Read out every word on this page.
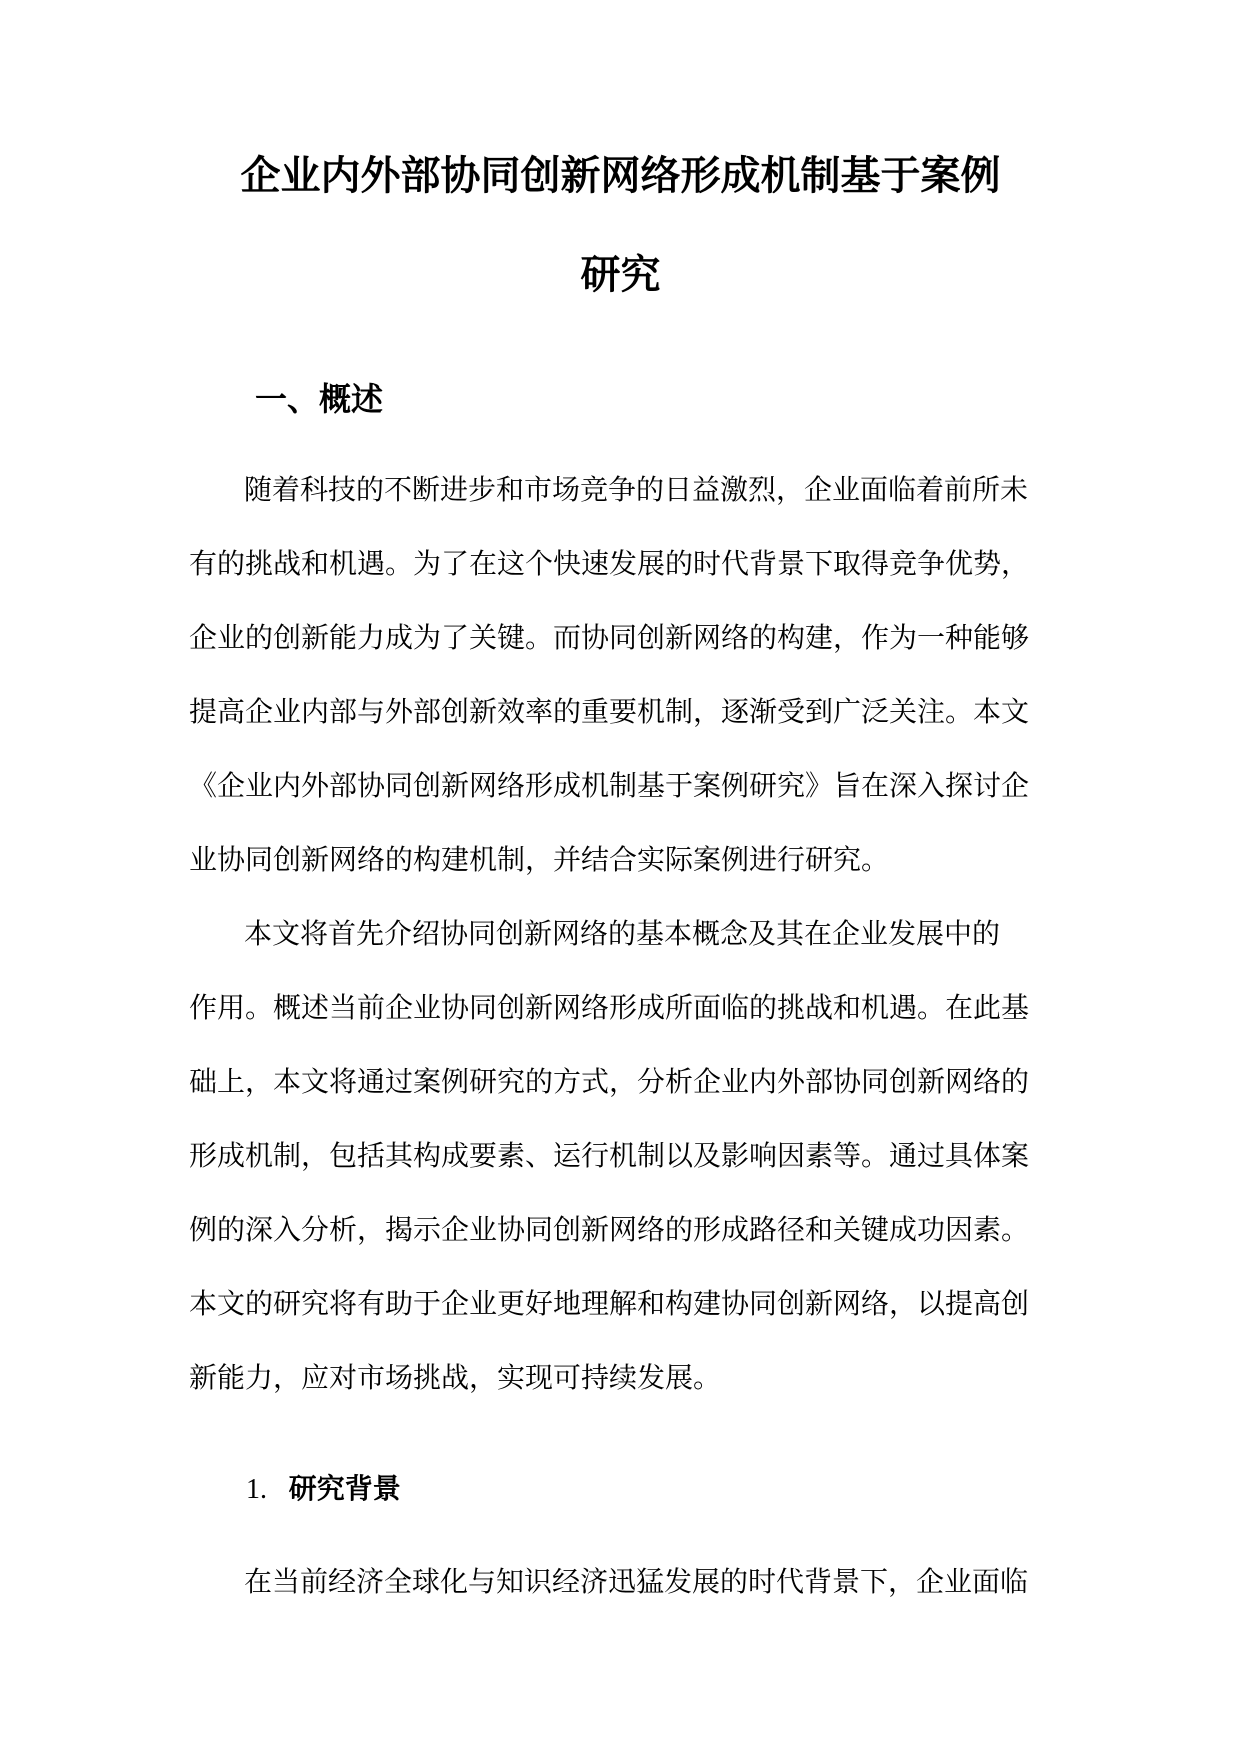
企业内外部协同创新网络形成机制基于案例
研究
一、概述
随着科技的不断进步和市场竞争的日益激烈，企业面临着前所未
有的挑战和机遇。为了在这个快速发展的时代背景下取得竞争优势，
企业的创新能力成为了关键。而协同创新网络的构建，作为一种能够
提高企业内部与外部创新效率的重要机制，逐渐受到广泛关注。本文
《企业内外部协同创新网络形成机制基于案例研究》旨在深入探讨企
业协同创新网络的构建机制，并结合实际案例进行研究。
本文将首先介绍协同创新网络的基本概念及其在企业发展中的
作用。概述当前企业协同创新网络形成所面临的挑战和机遇。在此基
础上，本文将通过案例研究的方式，分析企业内外部协同创新网络的
形成机制，包括其构成要素、运行机制以及影响因素等。通过具体案
例的深入分析，揭示企业协同创新网络的形成路径和关键成功因素。
本文的研究将有助于企业更好地理解和构建协同创新网络，以提高创
新能力，应对市场挑战，实现可持续发展。
1. 研究背景
在当前经济全球化与知识经济迅猛发展的时代背景下，企业面临
